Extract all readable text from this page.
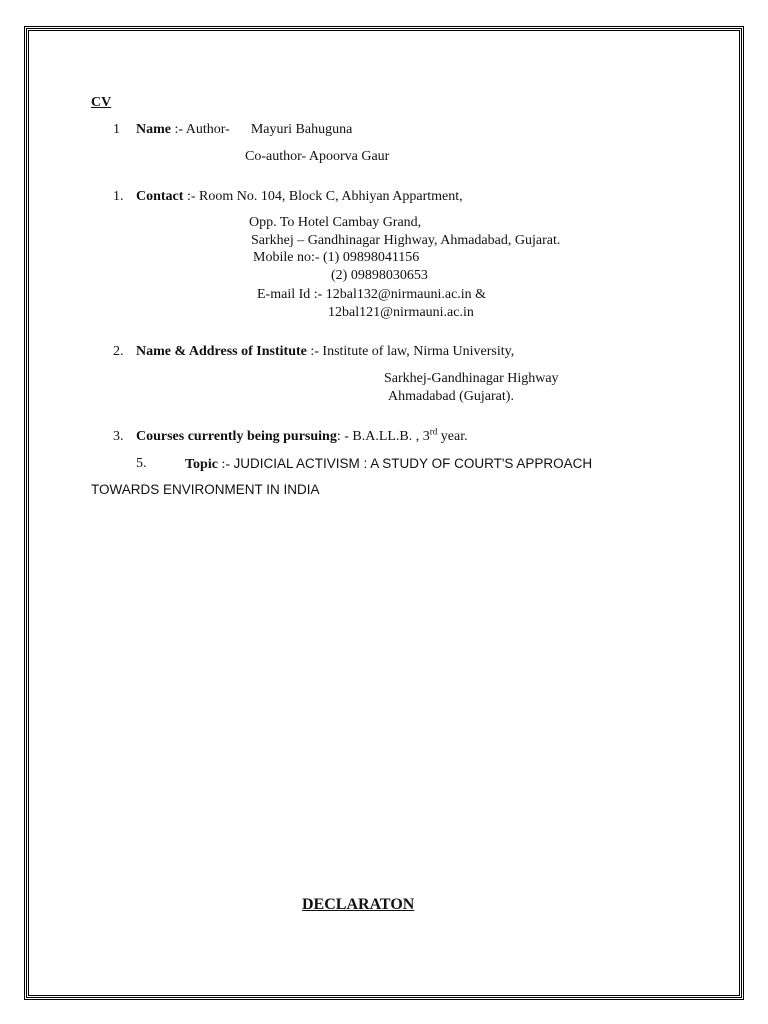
CV
1 Name :- Author-      Mayuri Bahuguna
Co-author- Apoorva Gaur
1. Contact :- Room No. 104, Block C, Abhiyan Appartment,
Opp. To Hotel Cambay Grand,
Sarkhej – Gandhinagar Highway, Ahmadabad, Gujarat.
Mobile no:- (1) 09898041156
(2) 09898030653
E-mail Id :- 12bal132@nirmauni.ac.in &
12bal121@nirmauni.ac.in
2. Name & Address of Institute :- Institute of law, Nirma University,
Sarkhej-Gandhinagar Highway
Ahmadabad (Gujarat).
3. Courses currently being pursuing: - B.A.LL.B. , 3rd year.
5.	Topic :- JUDICIAL ACTIVISM : A STUDY OF COURT'S APPROACH
TOWARDS ENVIRONMENT IN INDIA
DECLARATON
